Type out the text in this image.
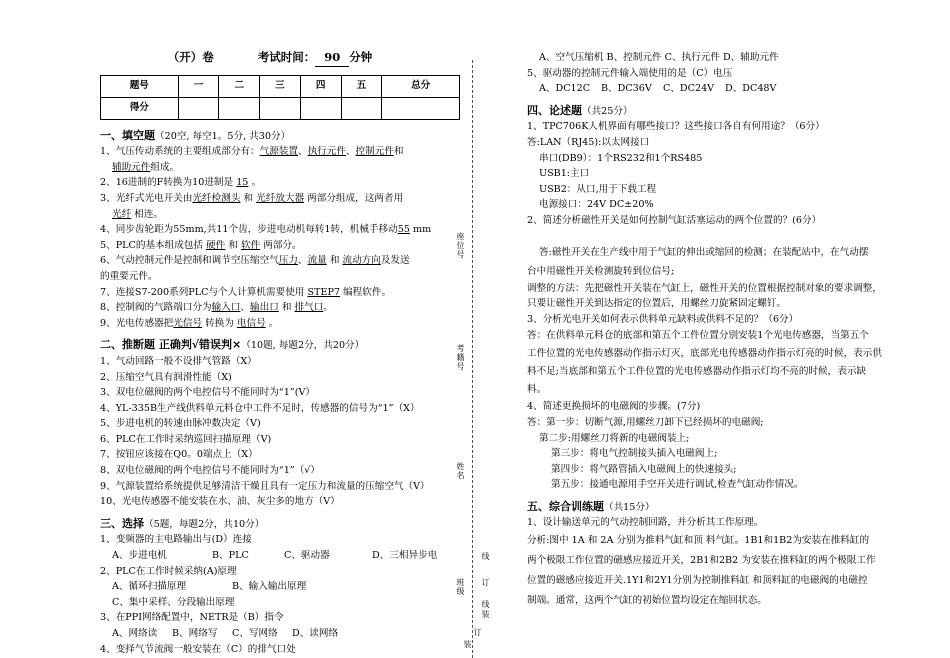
（开）卷	考试时间： 90 分钟
题号	一	二	三	四	五	总分
得分						
一、填空题（20空, 每空1。5分, 共30分）
1、气压传动系统的主要组成部分有：气源装置、执行元件、控制元件和
辅助元件组成。
2、16进制的F转换为10进制是 15 。
3、光纤式光电开关由光纤检测头 和 光纤放大器 两部分组成，这两者用
光纤 相连。
4、同步齿轮距为55mm,共11个齿，步进电动机每转1转，机械手移动55 mm
5、PLC的基本组成包括 硬件 和 软件 两部分。
6、气动控制元件是控制和调节空压缩空气压力、流量 和 流动方向及发送
的重要元件。
7、连接S7-200系列PLC与个人计算机需要使用 STEP7 编程软件。
8、控制阀的气路端口分为输入口、输出口 和 排气口。
9、光电传感器把光信号 转换为 电信号 。
二、推断题 正确判√错误判×（10题, 每题2分，共20分）
1、气动回路一般不设排气管路（X）
2、压缩空气具有润滑性能（X)
3、双电位磁阀的两个电控信号不能同时为“1”(V）
4、YL-335B生产线供料单元料仓中工件不足时，传感器的信号为“1”（X）
5、步进电机的转速由脉冲数决定（V)
6、PLC在工作时采纳巡回扫描原理（V)
7、按钮应该接在Q0。0端点上（X）
8、双电位磁阀的两个电控信号不能同时为“1”（√）
9、气源装置给系统提供足够清洁干燥且具有一定压力和流量的压缩空气（V）
10、光电传感器不能安装在水、油、灰尘多的地方（V）
三、选择（5题，每题2分，共10分）
1、变频器的主电路输出与(D）连接
A、步进电机	B、PLC	C、驱动器	D、三相异步电
2、PLC在工作时候采纳(A)原理
A、循环扫描原理	B、输入输出原理
C、集中采样、分段输出原理
3、在PPI网络配置中，NETR是（B）指令
A、网络读 B、网络写 C、写网络 D、读网络
4、变择气节流阀一般安装在（C）的排气口处
座位号
考籍号
姓名
班级
线
订
线装
订
装
A、空气压缩机 B、控制元件 C、执行元件 D、辅助元件
5、驱动器的控制元件输入端使用的是（C）电压
A、DC12C B、DC36V C、DC24V D、DC48V
四、论述题（共25分）
1、TPC706K人机界面有哪些接口？这些接口各自有何用途？（6分）
答:LAN（RJ45):以太网接口
串口(DB9）：1个RS232和1个RS485
USB1:主口
USB2：从口,用于下载工程
电源接口：24V DC±20%
2、简述分析磁性开关是如何控制气缸活塞运动的两个位置的？(6分）
答:磁性开关在生产线中用于气缸的伸出或缩回的检测；在装配站中，在气动摆
台中用磁性开关检测旋转到位信号;
调整的方法：先把磁性开关装在气缸上，磁性开关的位置根据控制对象的要求调整，
只要让磁性开关到达指定的位置后，用螺丝刀旋紧固定螺钉。
3、分析光电开关如何表示供料单元缺料或供料不足的？（6分）
答：在供料单元料仓的底部和第五个工件位置分别安装1个光电传感器，当第五个
工件位置的光电传感器动作指示灯灭，底部光电传感器动作指示灯亮的时候，表示供
料不足;当底部和第五个工件位置的光电传感器动作指示灯均不亮的时候，表示缺
料。
4、简述更换损坏的电磁阀的步骤。(7分)
答：第一步：切断气源,用螺丝刀卸下已经损坏的电磁阀;
第二步:用螺丝刀将新的电磁阀装上;
第三步：将电气控制接头插入电磁阀上;
第四步：将气路管插入电磁阀上的快速接头;
第五步：接通电源用手空开关进行调试,检查气缸动作情况。
五、综合训练题（共15分）
1、设计输送单元的气动控制回路，并分析其工作原理。
分析:图中 1A 和 2A 分别为推料气缸和顶 料气缸。1B1和1B2为安装在推料缸的
两个极限工作位置的磁感应接近开关，2B1和2B2 为安装在推料缸的两个极限工作
位置的磁感应接近开关.1Y1和2Y1分别为控制推料缸 和顶料缸的电磁阀的电磁控
制端。通常，这两个气缸的初始位置均设定在缩回状态。
